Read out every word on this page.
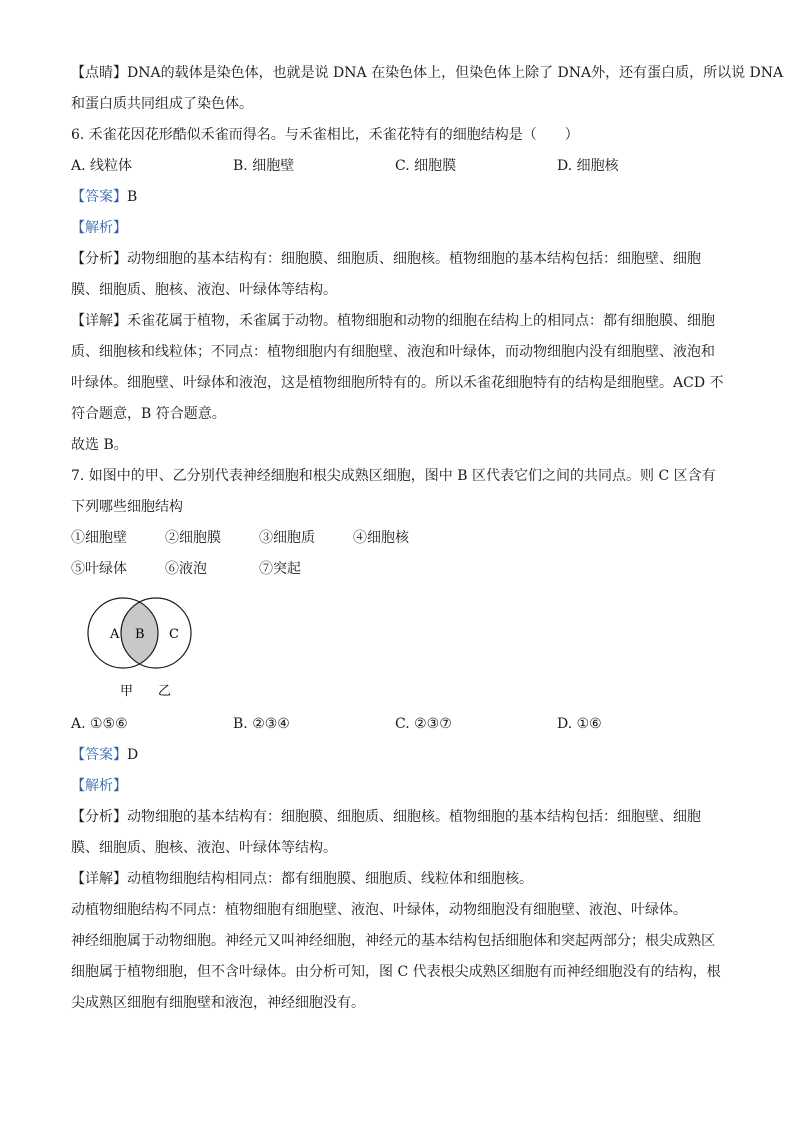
【点睛】DNA的载体是染色体，也就是说 DNA 在染色体上，但染色体上除了 DNA外，还有蛋白质，所以说 DNA
和蛋白质共同组成了染色体。
6. 禾雀花因花形酷似禾雀而得名。与禾雀相比，禾雀花特有的细胞结构是（　　）
A. 线粒体	B. 细胞壁	C. 细胞膜	D. 细胞核
【答案】B
【解析】
【分析】动物细胞的基本结构有：细胞膜、细胞质、细胞核。植物细胞的基本结构包括：细胞壁、细胞
膜、细胞质、胞核、液泡、叶绿体等结构。
【详解】禾雀花属于植物，禾雀属于动物。植物细胞和动物的细胞在结构上的相同点：都有细胞膜、细胞
质、细胞核和线粒体；不同点：植物细胞内有细胞壁、液泡和叶绿体，而动物细胞内没有细胞壁、液泡和
叶绿体。细胞壁、叶绿体和液泡，这是植物细胞所特有的。所以禾雀花细胞特有的结构是细胞壁。ACD 不
符合题意，B 符合题意。
故选 B。
7. 如图中的甲、乙分别代表神经细胞和根尖成熟区细胞，图中 B 区代表它们之间的共同点。则 C 区含有
下列哪些细胞结构
①细胞壁	②细胞膜	③细胞质	④细胞核
⑤叶绿体	⑥液泡	⑦突起
A B C
甲 乙
A. ①⑤⑥	B. ②③④	C. ②③⑦	D. ①⑥
【答案】D
【解析】
【分析】动物细胞的基本结构有：细胞膜、细胞质、细胞核。植物细胞的基本结构包括：细胞壁、细胞
膜、细胞质、胞核、液泡、叶绿体等结构。
【详解】动植物细胞结构相同点：都有细胞膜、细胞质、线粒体和细胞核。
动植物细胞结构不同点：植物细胞有细胞壁、液泡、叶绿体，动物细胞没有细胞壁、液泡、叶绿体。
神经细胞属于动物细胞。神经元又叫神经细胞，神经元的基本结构包括细胞体和突起两部分；根尖成熟区
细胞属于植物细胞，但不含叶绿体。由分析可知，图 C 代表根尖成熟区细胞有而神经细胞没有的结构，根
尖成熟区细胞有细胞壁和液泡，神经细胞没有。
